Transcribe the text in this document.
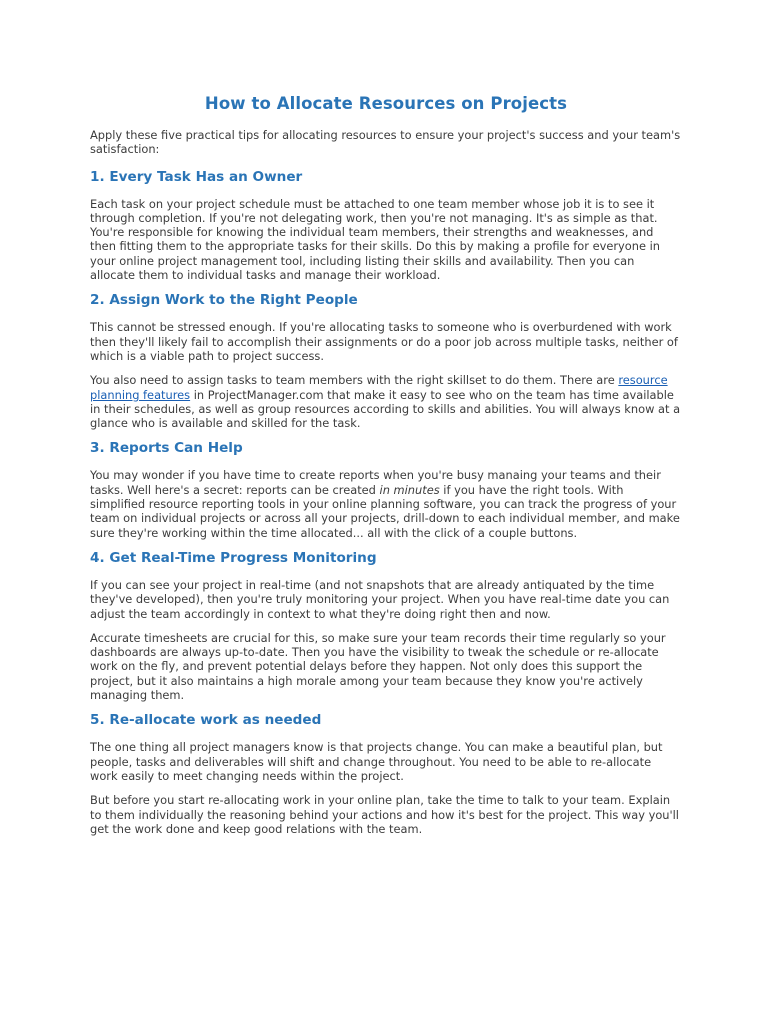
How to Allocate Resources on Projects

Apply these five practical tips for allocating resources to ensure your project's success and your team's satisfaction:

1. Every Task Has an Owner

Each task on your project schedule must be attached to one team member whose job it is to see it through completion. If you're not delegating work, then you're not managing. It's as simple as that. You're responsible for knowing the individual team members, their strengths and weaknesses, and then fitting them to the appropriate tasks for their skills. Do this by making a profile for everyone in your online project management tool, including listing their skills and availability. Then you can allocate them to individual tasks and manage their workload.

2. Assign Work to the Right People

This cannot be stressed enough. If you're allocating tasks to someone who is overburdened with work then they'll likely fail to accomplish their assignments or do a poor job across multiple tasks, neither of which is a viable path to project success.

You also need to assign tasks to team members with the right skillset to do them. There are resource planning features in ProjectManager.com that make it easy to see who on the team has time available in their schedules, as well as group resources according to skills and abilities. You will always know at a glance who is available and skilled for the task.

3. Reports Can Help

You may wonder if you have time to create reports when you're busy manaing your teams and their tasks. Well here's a secret: reports can be created in minutes if you have the right tools. With simplified resource reporting tools in your online planning software, you can track the progress of your team on individual projects or across all your projects, drill-down to each individual member, and make sure they're working within the time allocated... all with the click of a couple buttons.

4. Get Real-Time Progress Monitoring

If you can see your project in real-time (and not snapshots that are already antiquated by the time they've developed), then you're truly monitoring your project. When you have real-time date you can adjust the team accordingly in context to what they're doing right then and now.

Accurate timesheets are crucial for this, so make sure your team records their time regularly so your dashboards are always up-to-date. Then you have the visibility to tweak the schedule or re-allocate work on the fly, and prevent potential delays before they happen. Not only does this support the project, but it also maintains a high morale among your team because they know you're actively managing them.

5. Re-allocate work as needed

The one thing all project managers know is that projects change. You can make a beautiful plan, but people, tasks and deliverables will shift and change throughout. You need to be able to re-allocate work easily to meet changing needs within the project.

But before you start re-allocating work in your online plan, take the time to talk to your team. Explain to them individually the reasoning behind your actions and how it's best for the project. This way you'll get the work done and keep good relations with the team.
